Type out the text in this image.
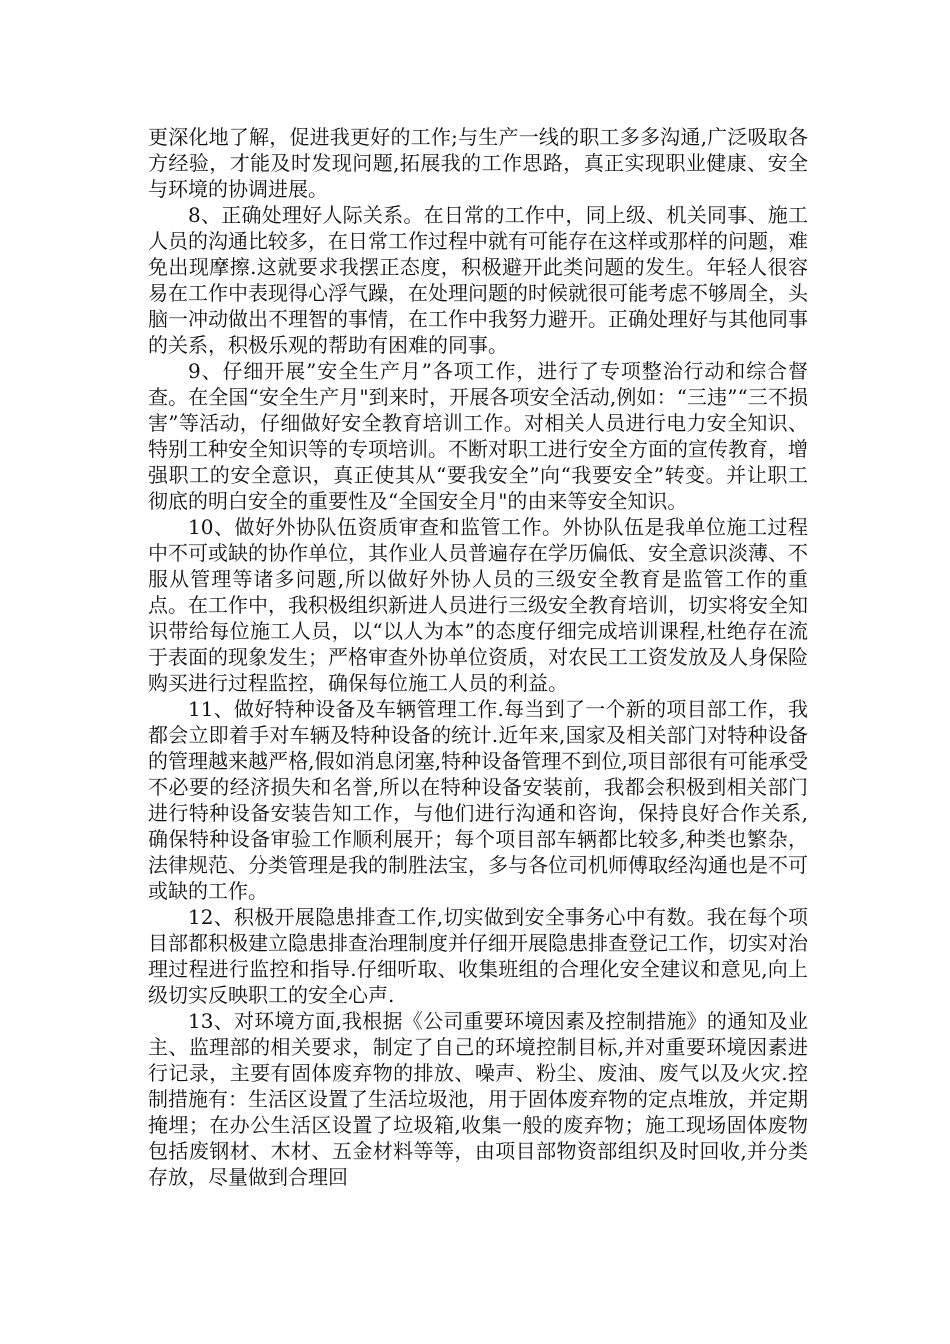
更深化地了解，促进我更好的工作;与生产一线的职工多多沟通,广泛吸取各方经验，才能及时发现问题,拓展我的工作思路，真正实现职业健康、安全与环境的协调进展。

8、正确处理好人际关系。在日常的工作中，同上级、机关同事、施工人员的沟通比较多，在日常工作过程中就有可能存在这样或那样的问题，难免出现摩擦.这就要求我摆正态度，积极避开此类问题的发生。年轻人很容易在工作中表现得心浮气躁，在处理问题的时候就很可能考虑不够周全，头脑一冲动做出不理智的事情，在工作中我努力避开。正确处理好与其他同事的关系，积极乐观的帮助有困难的同事。

9、仔细开展”安全生产月”各项工作，进行了专项整治行动和综合督查。在全国“安全生产月"到来时，开展各项安全活动,例如：“三违”“三不损害”等活动，仔细做好安全教育培训工作。对相关人员进行电力安全知识、特别工种安全知识等的专项培训。不断对职工进行安全方面的宣传教育，增强职工的安全意识，真正使其从“要我安全”向“我要安全”转变。并让职工彻底的明白安全的重要性及“全国安全月"的由来等安全知识。

10、做好外协队伍资质审查和监管工作。外协队伍是我单位施工过程中不可或缺的协作单位，其作业人员普遍存在学历偏低、安全意识淡薄、不服从管理等诸多问题,所以做好外协人员的三级安全教育是监管工作的重点。在工作中，我积极组织新进人员进行三级安全教育培训，切实将安全知识带给每位施工人员，以“以人为本”的态度仔细完成培训课程,杜绝存在流于表面的现象发生；严格审查外协单位资质，对农民工工资发放及人身保险购买进行过程监控，确保每位施工人员的利益。

11、做好特种设备及车辆管理工作.每当到了一个新的项目部工作，我都会立即着手对车辆及特种设备的统计.近年来,国家及相关部门对特种设备的管理越来越严格,假如消息闭塞,特种设备管理不到位,项目部很有可能承受不必要的经济损失和名誉,所以在特种设备安装前，我都会积极到相关部门进行特种设备安装告知工作，与他们进行沟通和咨询，保持良好合作关系,确保特种设备审验工作顺利展开；每个项目部车辆都比较多,种类也繁杂，法律规范、分类管理是我的制胜法宝，多与各位司机师傅取经沟通也是不可或缺的工作。

12、积极开展隐患排查工作,切实做到安全事务心中有数。我在每个项目部都积极建立隐患排查治理制度并仔细开展隐患排查登记工作，切实对治理过程进行监控和指导.仔细听取、收集班组的合理化安全建议和意见,向上级切实反映职工的安全心声.

13、对环境方面,我根据《公司重要环境因素及控制措施》的通知及业主、监理部的相关要求，制定了自己的环境控制目标,并对重要环境因素进行记录，主要有固体废弃物的排放、噪声、粉尘、废油、废气以及火灾.控制措施有：生活区设置了生活垃圾池，用于固体废弃物的定点堆放，并定期掩埋；在办公生活区设置了垃圾箱,收集一般的废弃物；施工现场固体废物包括废钢材、木材、五金材料等等，由项目部物资部组织及时回收,并分类存放，尽量做到合理回
